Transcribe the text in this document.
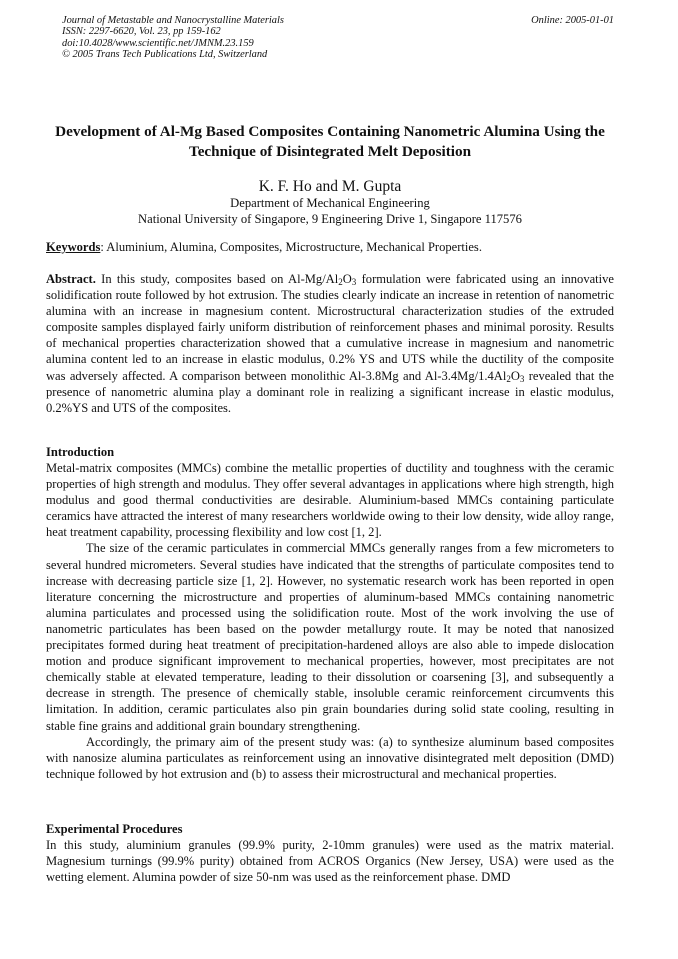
Journal of Metastable and Nanocrystalline Materials
ISSN: 2297-6620, Vol. 23, pp 159-162
doi:10.4028/www.scientific.net/JMNM.23.159
© 2005 Trans Tech Publications Ltd, Switzerland
Online: 2005-01-01
Development of Al-Mg Based Composites Containing Nanometric Alumina Using the Technique of Disintegrated Melt Deposition
K. F. Ho and M. Gupta
Department of Mechanical Engineering
National University of Singapore, 9 Engineering Drive 1, Singapore 117576
Keywords: Aluminium, Alumina, Composites, Microstructure, Mechanical Properties.
Abstract. In this study, composites based on $Al-Mg/Al_2O_3$ formulation were fabricated using an innovative solidification route followed by hot extrusion. The studies clearly indicate an increase in retention of nanometric alumina with an increase in magnesium content. Microstructural characterization studies of the extruded composite samples displayed fairly uniform distribution of reinforcement phases and minimal porosity. Results of mechanical properties characterization showed that a cumulative increase in magnesium and nanometric alumina content led to an increase in elastic modulus, 0.2% YS and UTS while the ductility of the composite was adversely affected. A comparison between monolithic Al-3.8Mg and $Al-3.4Mg/1.4Al_2O_3$ revealed that the presence of nanometric alumina play a dominant role in realizing a significant increase in elastic modulus, 0.2%YS and UTS of the composites.
Introduction

Metal-matrix composites (MMCs) combine the metallic properties of ductility and toughness with the ceramic properties of high strength and modulus. They offer several advantages in applications where high strength, high modulus and good thermal conductivities are desirable. Aluminium-based MMCs containing particulate ceramics have attracted the interest of many researchers worldwide owing to their low density, wide alloy range, heat treatment capability, processing flexibility and low cost [1, 2].

The size of the ceramic particulates in commercial MMCs generally ranges from a few micrometers to several hundred micrometers. Several studies have indicated that the strengths of particulate composites tend to increase with decreasing particle size [1, 2]. However, no systematic research work has been reported in open literature concerning the microstructure and properties of aluminum-based MMCs containing nanometric alumina particulates and processed using the solidification route. Most of the work involving the use of nanometric particulates has been based on the powder metallurgy route. It may be noted that nanosized precipitates formed during heat treatment of precipitation-hardened alloys are also able to impede dislocation motion and produce significant improvement to mechanical properties, however, most precipitates are not chemically stable at elevated temperature, leading to their dissolution or coarsening [3], and subsequently a decrease in strength. The presence of chemically stable, insoluble ceramic reinforcement circumvents this limitation. In addition, ceramic particulates also pin grain boundaries during solid state cooling, resulting in stable fine grains and additional grain boundary strengthening.

Accordingly, the primary aim of the present study was: (a) to synthesize aluminum based composites with nanosize alumina particulates as reinforcement using an innovative disintegrated melt deposition (DMD) technique followed by hot extrusion and (b) to assess their microstructural and mechanical properties.

Experimental Procedures

In this study, aluminium granules (99.9% purity, 2-10mm granules) were used as the matrix material. Magnesium turnings (99.9% purity) obtained from ACROS Organics (New Jersey, USA) were used as the wetting element. Alumina powder of size 50-nm was used as the reinforcement phase. DMD
